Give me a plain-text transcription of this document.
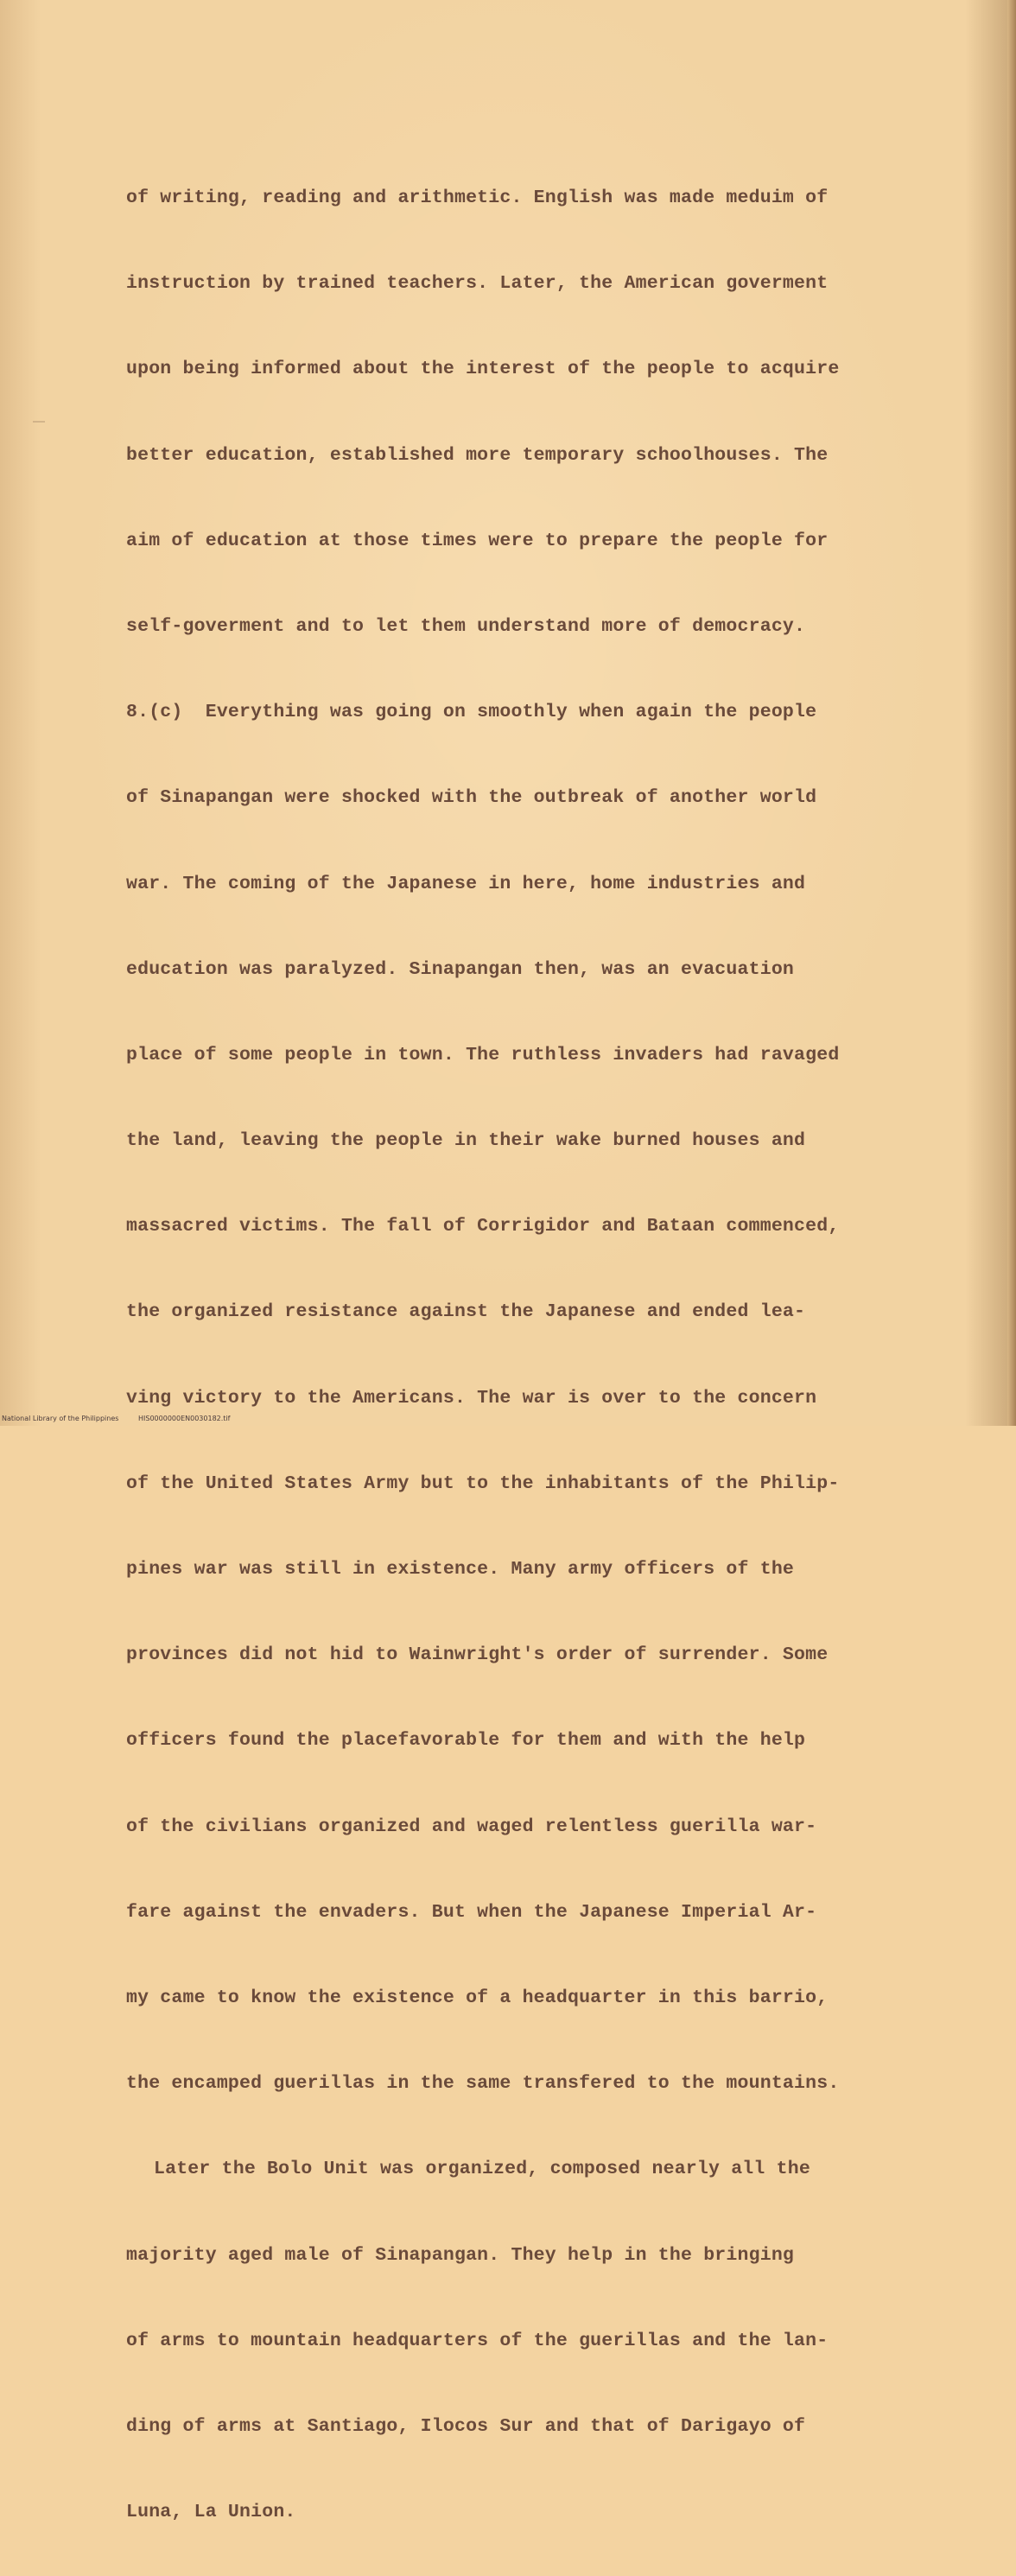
of writing, reading and arithmetic. English was made meduim of

instruction by trained teachers. Later, the American goverment

upon being informed about the interest of the people to acquire

better education, established more temporary schoolhouses. The

aim of education at those times were to prepare the people for

self-goverment and to let them understand more of democracy.

8.(c)  Everything was going on smoothly when again the people

of Sinapangan were shocked with the outbreak of another world

war. The coming of the Japanese in here, home industries and

education was paralyzed. Sinapangan then, was an evacuation

place of some people in town. The ruthless invaders had ravaged

the land, leaving the people in their wake burned houses and

massacred victims. The fall of Corrigidor and Bataan commenced,

the organized resistance against the Japanese and ended lea-

ving victory to the Americans. The war is over to the concern

of the United States Army but to the inhabitants of the Philip-

pines war was still in existence. Many army officers of the

provinces did not hid to Wainwright's order of surrender. Some

officers found the placefavorable for them and with the help

of the civilians organized and waged relentless guerilla war-

fare against the envaders. But when the Japanese Imperial Ar-

my came to know the existence of a headquarter in this barrio,

the encamped guerillas in the same transfered to the mountains.

Later the Bolo Unit was organized, composed nearly all the

majority aged male of Sinapangan. They help in the bringing

of arms to mountain headquarters of the guerillas and the lan-

ding of arms at Santiago, Ilocos Sur and that of Darigayo of

Luna, La Union.

National Library of the Philippines

	HIS0000000EN0030182.tif
